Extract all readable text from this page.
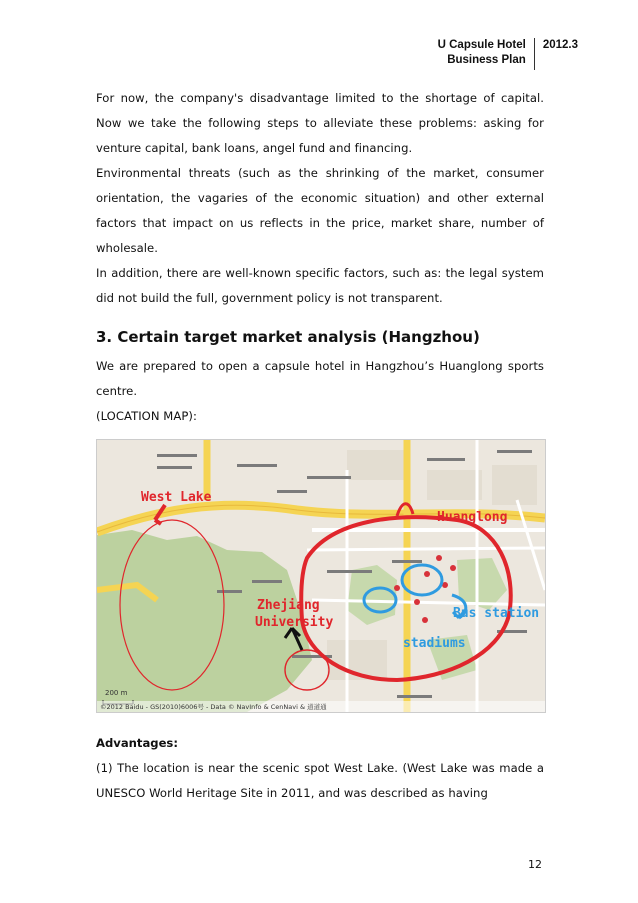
U Capsule Hotel
Business Plan
2012.3

For now, the company's disadvantage limited to the shortage of capital. Now we take the following steps to alleviate these problems: asking for venture capital, bank loans, angel fund and financing.

Environmental threats (such as the shrinking of the market, consumer orientation, the vagaries of the economic situation) and other external factors that impact on us reflects in the price, market share, number of wholesale.

In addition, there are well-known specific factors, such as: the legal system did not build the full, government policy is not transparent.

3. Certain target market analysis (Hangzhou)

We are prepared to open a capsule hotel in Hangzhou’s Huanglong sports centre.

(LOCATION MAP):

West Lake
Huanglong
Zhejiang
University
Bus station
stadiums
200 m
©2012 Baidu - GS(2010)6006号 - Data © NavInfo & CenNavi & 道道通
Advantages:

(1) The location is near the scenic spot West Lake. (West Lake was made a UNESCO World Heritage Site in 2011, and was described as having

12
